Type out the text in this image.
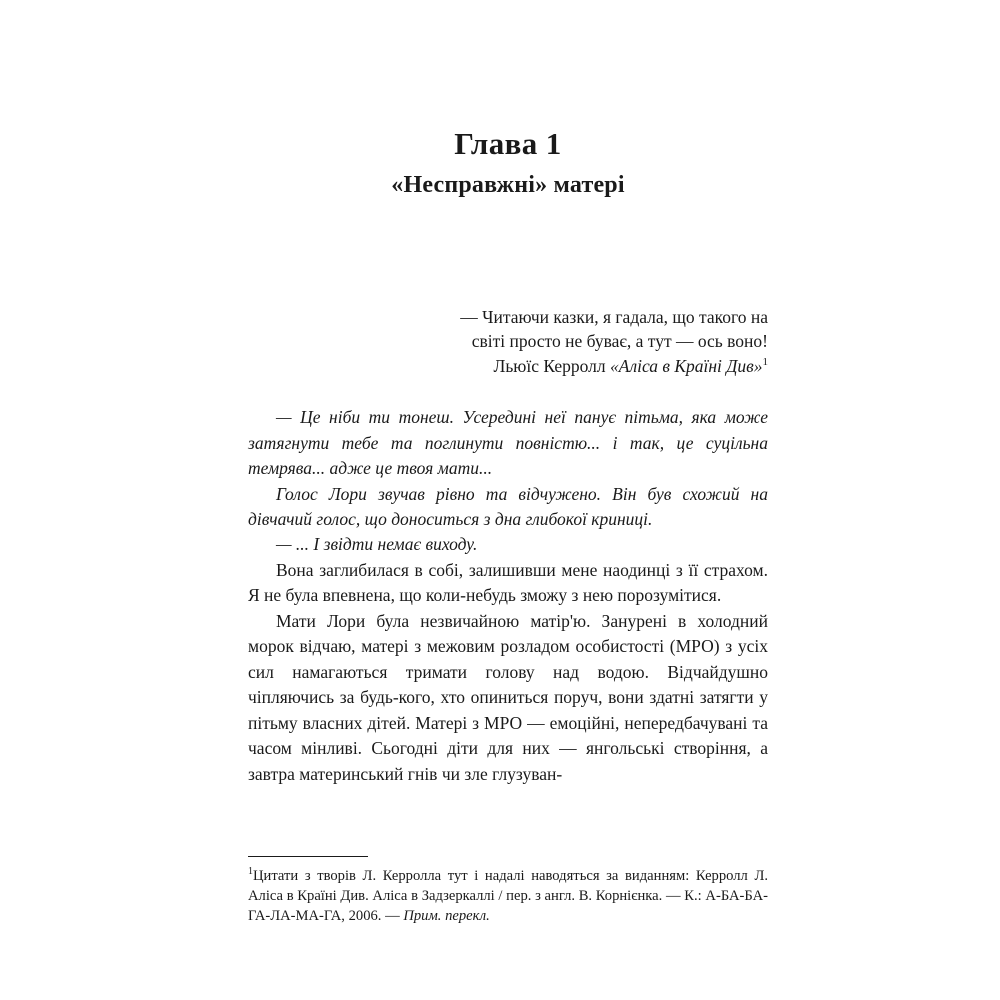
Глава 1
«Несправжні» матері
— Читаючи казки, я гадала, що такого на
світі просто не буває, а тут — ось воно!
Льюїс Керролл «Аліса в Країні Див»$^1$

— Це ніби ти тонеш. Усередині неї панує пітьма, яка може затягнути тебе та поглинути повністю... і так, це суцільна темрява... адже це твоя мати...

Голос Лори звучав рівно та відчужено. Він був схожий на дівчачий голос, що доноситься з дна глибокої криниці.

— ... І звідти немає виходу.

Вона заглибилася в собі, залишивши мене наодинці з її страхом. Я не була впевнена, що коли-небудь зможу з нею порозумітися.

Мати Лори була незвичайною матір'ю. Занурені в холодний морок відчаю, матері з межовим розладом особистості (МРО) з усіх сил намагаються тримати голову над водою. Відчайдушно чіпляючись за будь-кого, хто опиниться поруч, вони здатні затягти у пітьму власних дітей. Матері з МРО — емоційні, непередбачувані та часом мінливі. Сьогодні діти для них — янгольські створіння, а завтра материнський гнів чи зле глузуван-

$^1$Цитати з творів Л. Керролла тут і надалі наводяться за виданням: Керролл Л. Аліса в Країні Див. Аліса в Задзеркаллі / пер. з англ. В. Корнієнка. — К.: А-БА-БА-ГА-ЛА-МА-ГА, 2006. — Прим. перекл.
